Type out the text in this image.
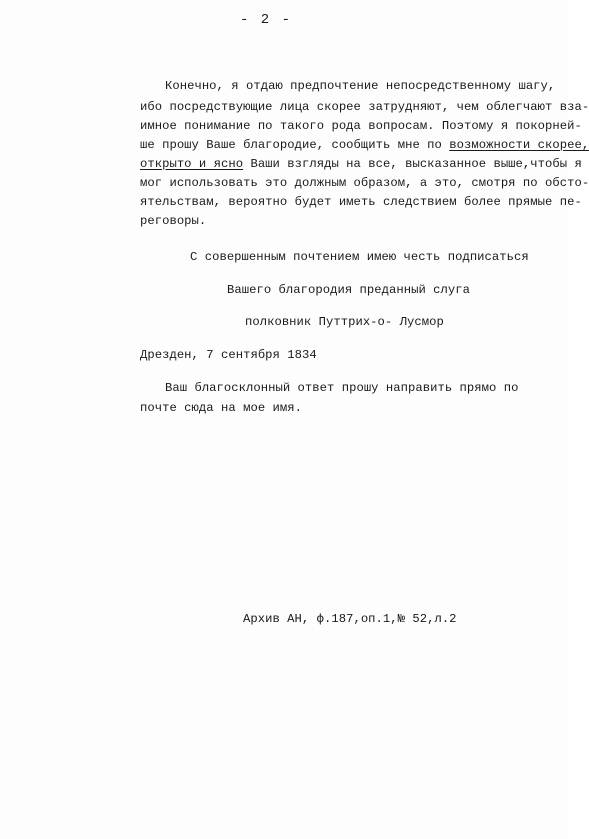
- 2 -
Конечно, я отдаю предпочтение непосредственному шагу,
ибо посредствующие лица скорее затрудняют, чем облегчают вза-
имное понимание по такого рода вопросам. Поэтому я покорней-
ше прошу Ваше благородие, сообщить мне по возможности скорее,
открыто и ясно Ваши взгляды на все, высказанное выше,чтобы я
мог использовать это должным образом, а это, смотря по обсто-
ятельствам, вероятно будет иметь следствием более прямые пе-
реговоры.
С совершенным почтением имею честь подписаться
Вашего благородия преданный слуга
полковник Путтрих-о- Лусмор
Дрезден, 7 сентября 1834
Ваш благосклонный ответ прошу направить прямо по
почте сюда на мое имя.
Архив АН, ф.187,оп.1,№ 52,л.2
